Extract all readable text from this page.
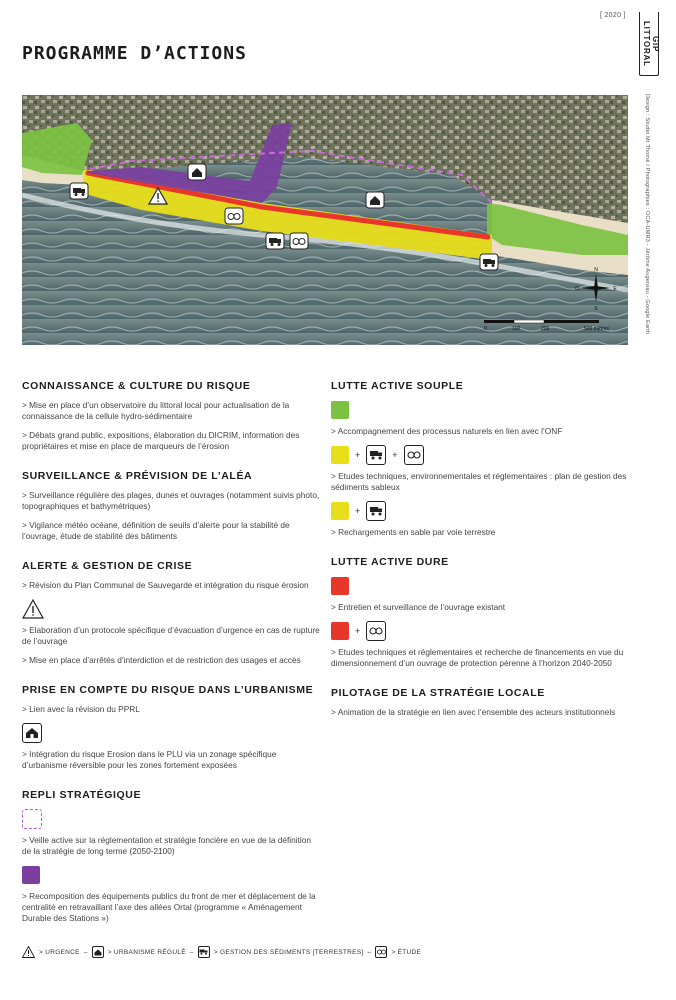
[ 2020 ]
GIP LITTORAL
Design : Studio Mr Thomë / Photographies : OCA-UMR3 - Jérôme Augereau - Google Earth
PROGRAMME D’ACTIONS
N
E
S
O
0	100	200	500 mètres
CONNAISSANCE & CULTURE DU RISQUE
> Mise en place d’un observatoire du littoral local pour actualisation de la connaissance de la cellule hydro-sédimentaire
> Débats grand public, expositions, élaboration du DICRIM, information des propriétaires et mise en place de marqueurs de l’érosion
SURVEILLANCE & PRÉVISION DE L’ALÉA
> Surveillance régulière des plages, dunes et ouvrages (notamment suivis photo, topographiques et bathymétriques)
> Vigilance météo océane, définition de seuils d’alerte pour la stabilité de l’ouvrage, étude de stabilité des bâtiments
ALERTE & GESTION DE CRISE
> Révision du Plan Communal de Sauvegarde et intégration du risque érosion
> Elaboration d’un protocole spécifique d’évacuation d’urgence en cas de rupture de l’ouvrage
> Mise en place d’arrêtés d’interdiction et de restriction des usages et accès
PRISE EN COMPTE DU RISQUE DANS L’URBANISME
> Lien avec la révision du PPRL
> Intégration du risque Erosion dans le PLU via un zonage spécifique d’urbanisme réversible pour les zones fortement exposées
REPLI STRATÉGIQUE
> Veille active sur la réglementation et stratégie foncière en vue de la définition de la stratégie de long terme (2050-2100)
> Recomposition des équipements publics du front de mer et déplacement de la centralité en retravaillant l’axe des allées Ortal (programme « Aménagement Durable des Stations »)
LUTTE ACTIVE SOUPLE
> Accompagnement des processus naturels en lien avec l’ONF
+	+
> Etudes techniques, environnementales et réglementaires : plan de gestion des sédiments sableux
+
> Rechargements en sable par voie terrestre
LUTTE ACTIVE DURE
> Entretien et surveillance de l’ouvrage existant
+
> Etudes techniques et réglementaires et recherche de financements en vue du dimensionnement d’un ouvrage de protection pérenne à l’horizon 2040-2050
PILOTAGE DE LA STRATÉGIE LOCALE
> Animation de la stratégie en lien avec l’ensemble des acteurs institutionnels
> URGENCE –	> URBANISME RÉGULÉ –	> GESTION DES SÉDIMENTS [TERRESTRES] –	> ÉTUDE
